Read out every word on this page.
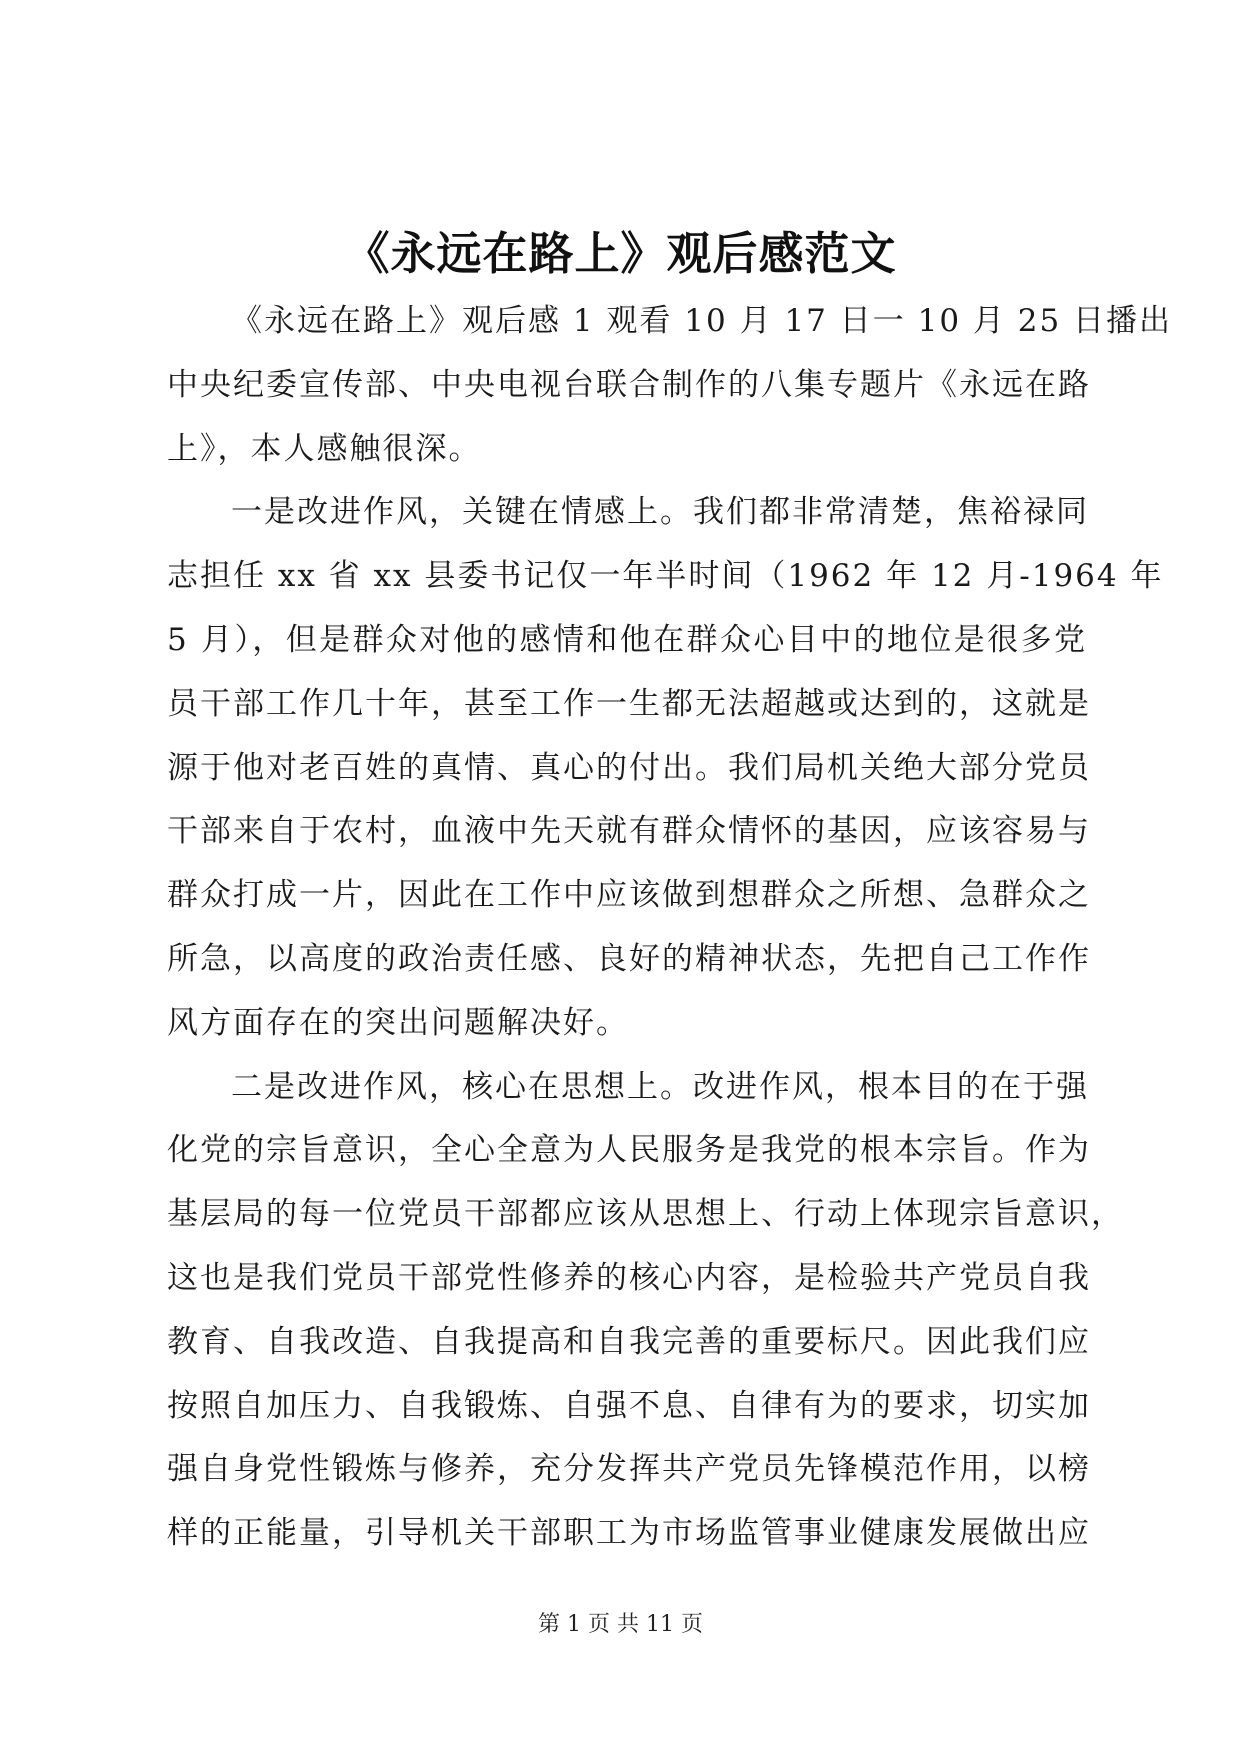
《永远在路上》观后感范文

《永远在路上》观后感 1 观看 10 月 17 日一 10 月 25 日播出
中央纪委宣传部、中央电视台联合制作的八集专题片《永远在路
上》，本人感触很深。

一是改进作风，关键在情感上。我们都非常清楚，焦裕禄同
志担任 xx 省 xx 县委书记仅一年半时间（1962 年 12 月-1964 年
5 月），但是群众对他的感情和他在群众心目中的地位是很多党
员干部工作几十年，甚至工作一生都无法超越或达到的，这就是
源于他对老百姓的真情、真心的付出。我们局机关绝大部分党员
干部来自于农村，血液中先天就有群众情怀的基因，应该容易与
群众打成一片，因此在工作中应该做到想群众之所想、急群众之
所急，以高度的政治责任感、良好的精神状态，先把自己工作作
风方面存在的突出问题解决好。

二是改进作风，核心在思想上。改进作风，根本目的在于强
化党的宗旨意识，全心全意为人民服务是我党的根本宗旨。作为
基层局的每一位党员干部都应该从思想上、行动上体现宗旨意识，
这也是我们党员干部党性修养的核心内容，是检验共产党员自我
教育、自我改造、自我提高和自我完善的重要标尺。因此我们应
按照自加压力、自我锻炼、自强不息、自律有为的要求，切实加
强自身党性锻炼与修养，充分发挥共产党员先锋模范作用，以榜
样的正能量，引导机关干部职工为市场监管事业健康发展做出应

第 1 页 共 11 页
